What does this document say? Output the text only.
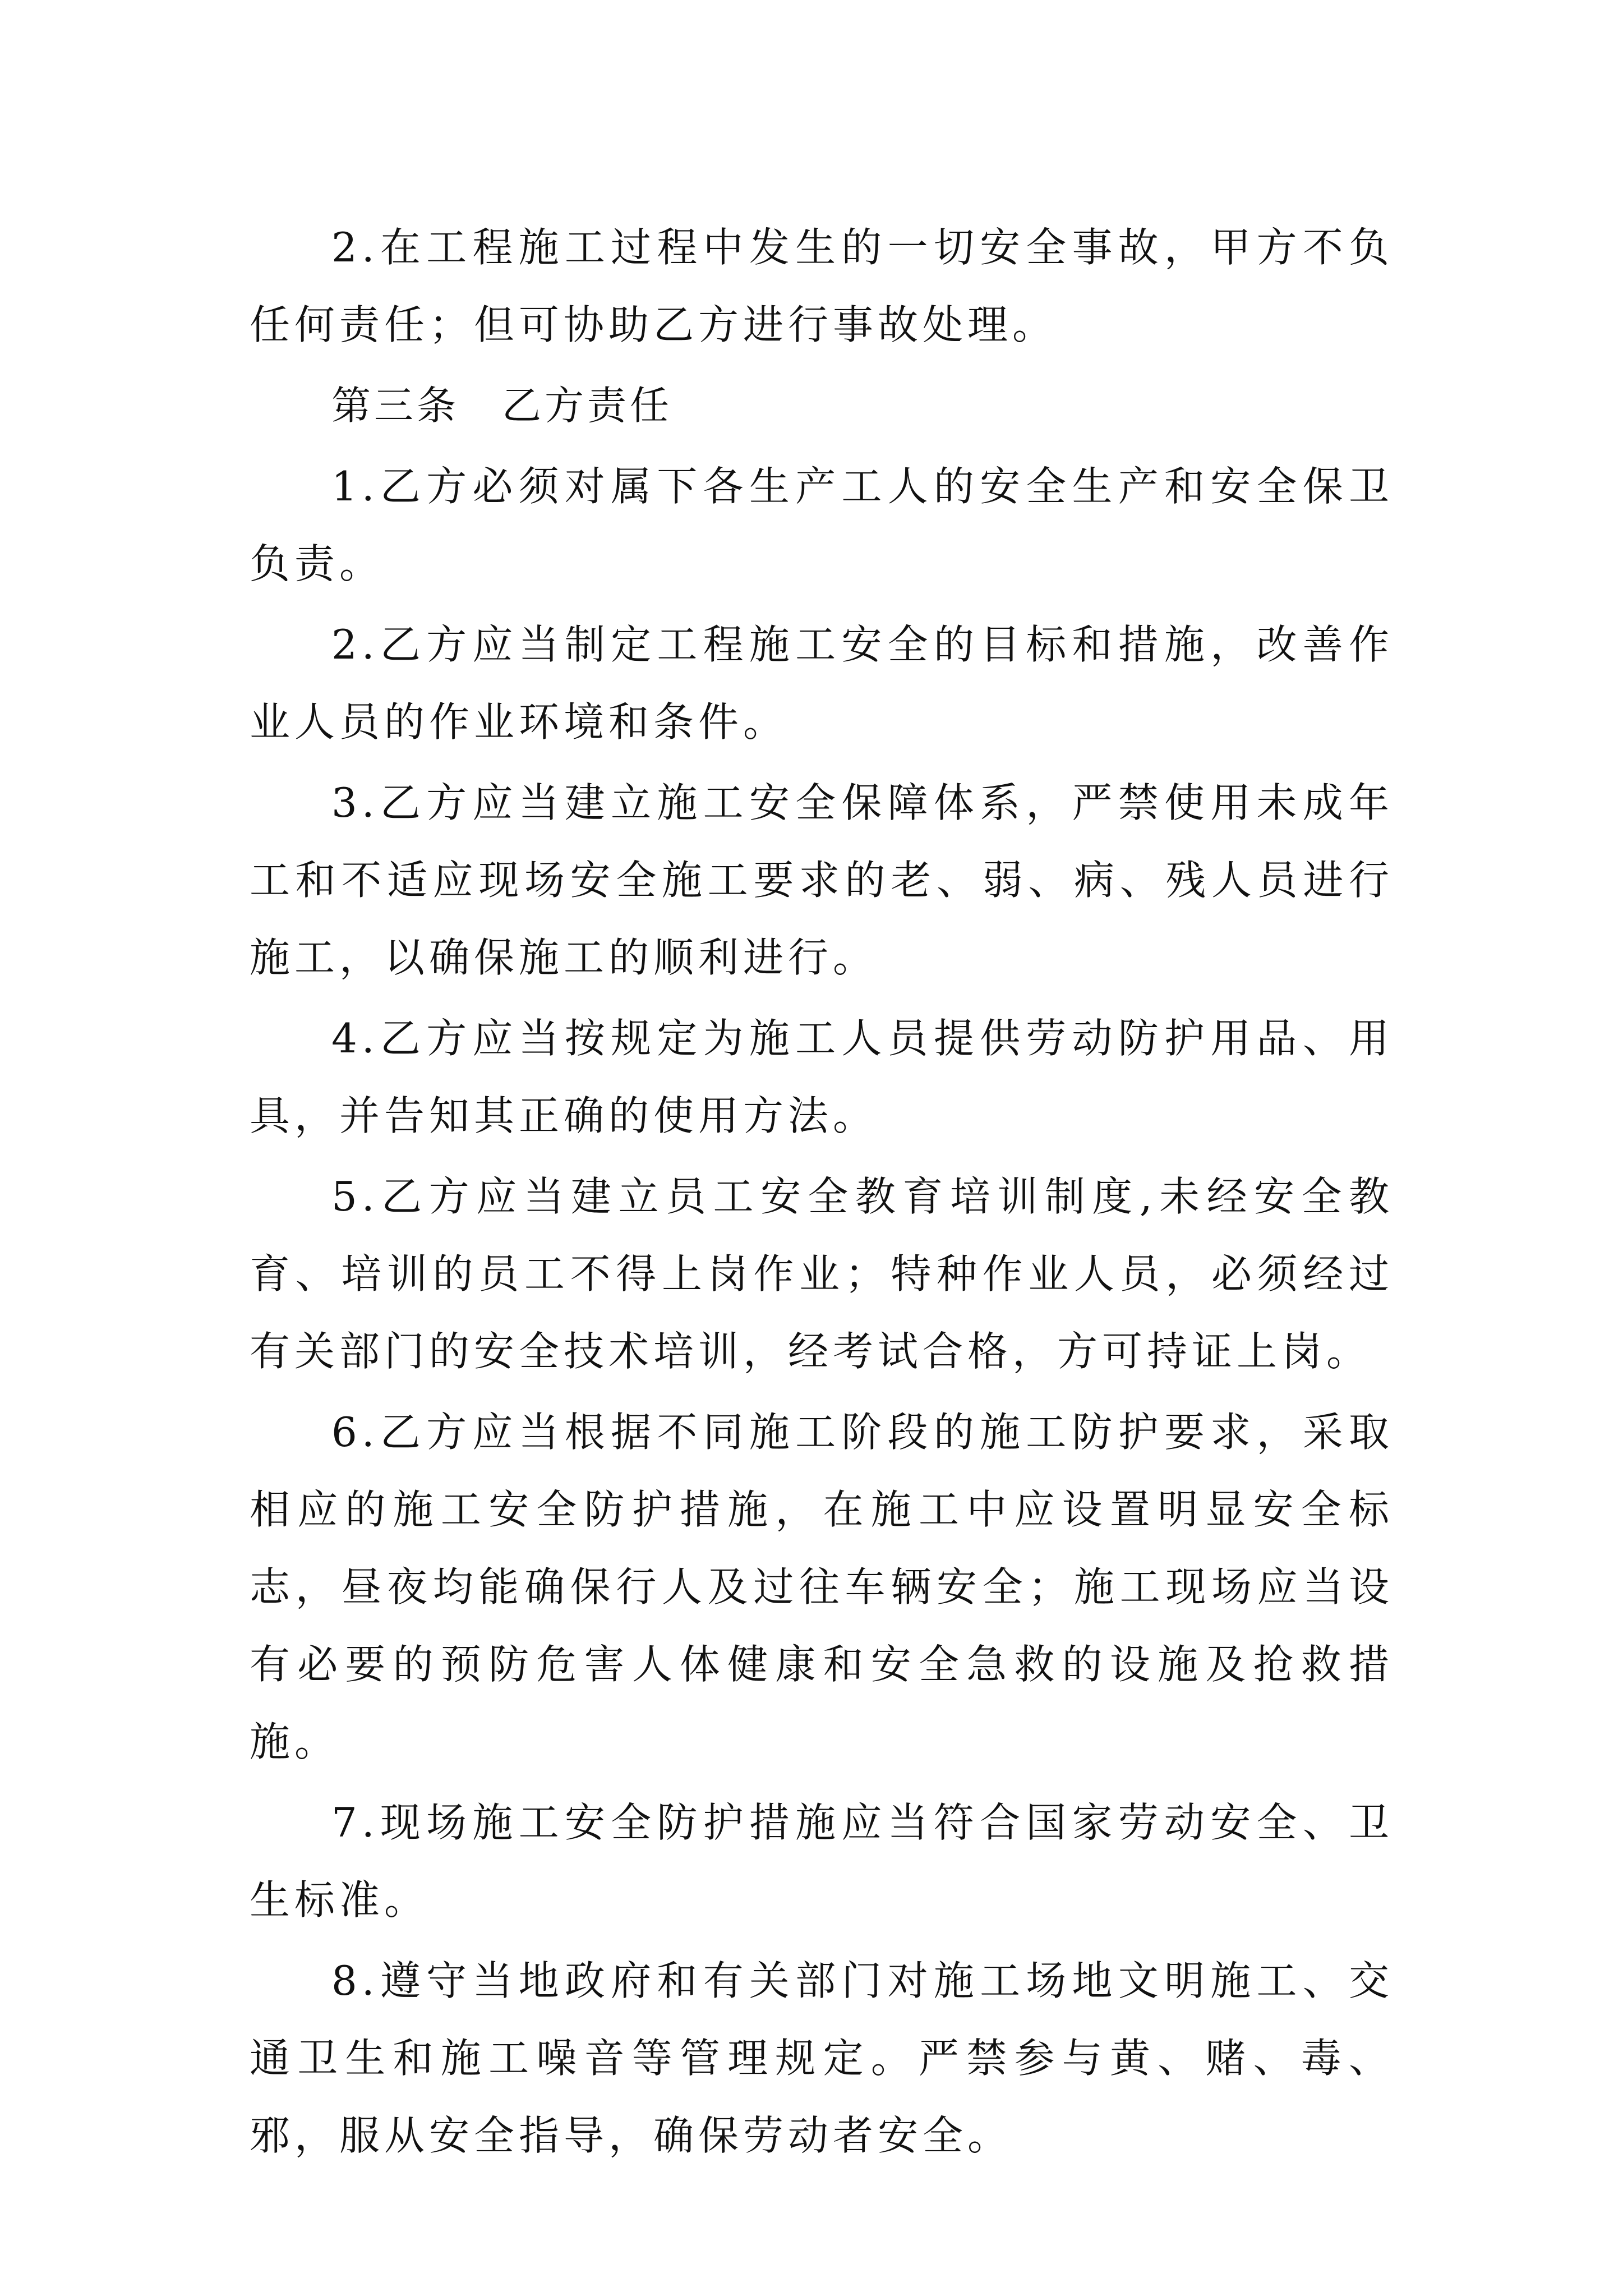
2.在工程施工过程中发生的一切安全事故，甲方不负任何责任；但可协助乙方进行事故处理。

第三条　乙方责任

1.乙方必须对属下各生产工人的安全生产和安全保卫负责。

2.乙方应当制定工程施工安全的目标和措施，改善作业人员的作业环境和条件。

3.乙方应当建立施工安全保障体系，严禁使用未成年工和不适应现场安全施工要求的老、弱、病、残人员进行施工，以确保施工的顺利进行。

4.乙方应当按规定为施工人员提供劳动防护用品、用具，并告知其正确的使用方法。

5.乙方应当建立员工安全教育培训制度,未经安全教育、培训的员工不得上岗作业；特种作业人员，必须经过有关部门的安全技术培训，经考试合格，方可持证上岗。

6.乙方应当根据不同施工阶段的施工防护要求，采取相应的施工安全防护措施，在施工中应设置明显安全标志，昼夜均能确保行人及过往车辆安全；施工现场应当设有必要的预防危害人体健康和安全急救的设施及抢救措施。

7.现场施工安全防护措施应当符合国家劳动安全、卫生标准。

8.遵守当地政府和有关部门对施工场地文明施工、交通卫生和施工噪音等管理规定。严禁参与黄、赌、毒、邪，服从安全指导，确保劳动者安全。
